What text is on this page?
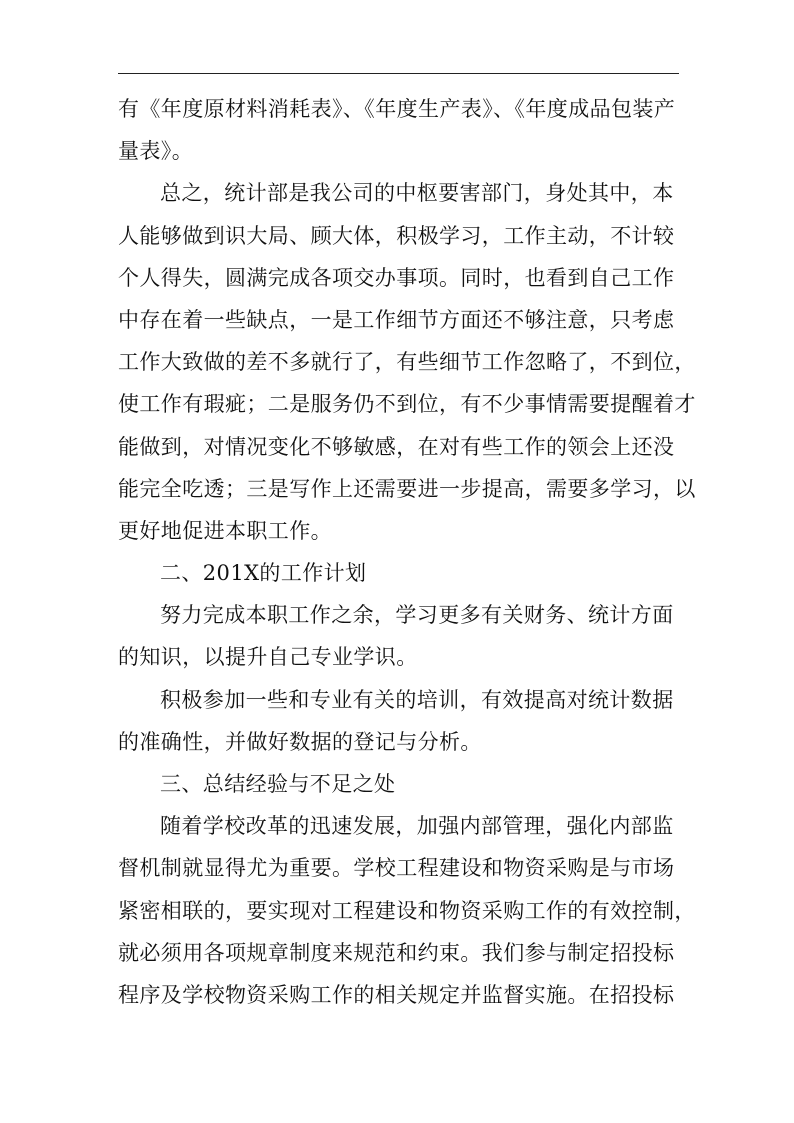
有《年度原材料消耗表》、《年度生产表》、《年度成品包装产
量表》。
总之，统计部是我公司的中枢要害部门，身处其中，本
人能够做到识大局、顾大体，积极学习，工作主动，不计较
个人得失，圆满完成各项交办事项。同时，也看到自己工作
中存在着一些缺点，一是工作细节方面还不够注意，只考虑
工作大致做的差不多就行了，有些细节工作忽略了，不到位，
使工作有瑕疵；二是服务仍不到位，有不少事情需要提醒着才
能做到，对情况变化不够敏感，在对有些工作的领会上还没
能完全吃透；三是写作上还需要进一步提高，需要多学习，以
更好地促进本职工作。
二、201X的工作计划
努力完成本职工作之余，学习更多有关财务、统计方面
的知识，以提升自己专业学识。
积极参加一些和专业有关的培训，有效提高对统计数据
的准确性，并做好数据的登记与分析。
三、总结经验与不足之处
随着学校改革的迅速发展，加强内部管理，强化内部监
督机制就显得尤为重要。学校工程建设和物资采购是与市场
紧密相联的，要实现对工程建设和物资采购工作的有效控制，
就必须用各项规章制度来规范和约束。我们参与制定招投标
程序及学校物资采购工作的相关规定并监督实施。在招投标
